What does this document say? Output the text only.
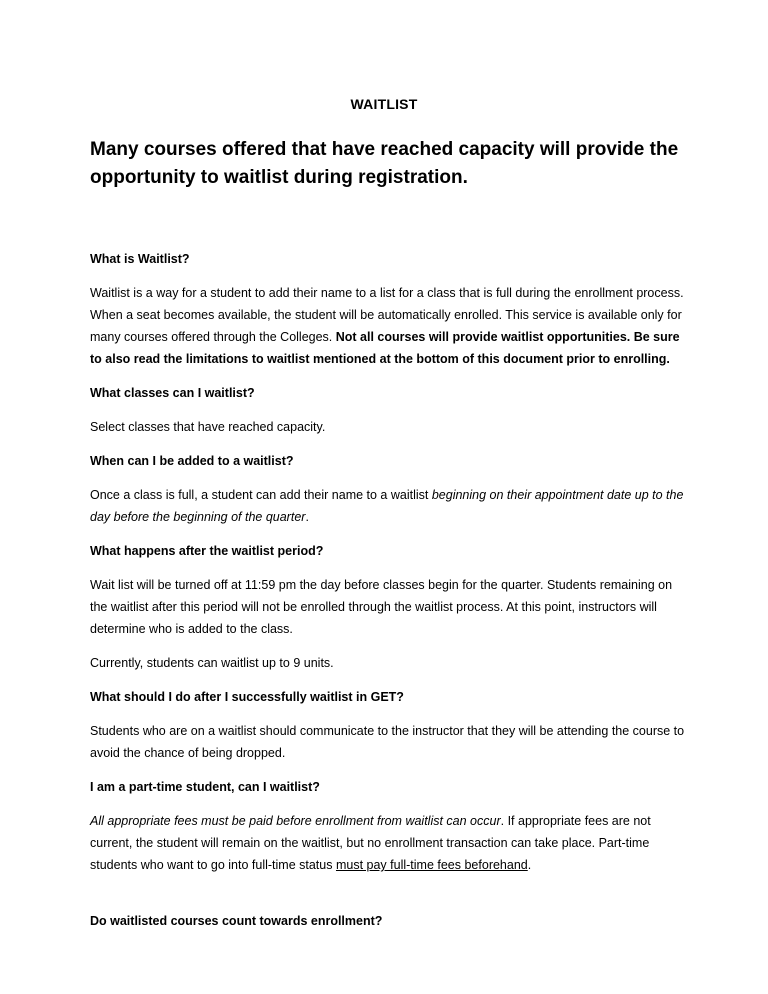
WAITLIST
Many courses offered that have reached capacity will provide the opportunity to waitlist during registration.

What is Waitlist?

Waitlist is a way for a student to add their name to a list for a class that is full during the enrollment process. When a seat becomes available, the student will be automatically enrolled. This service is available only for many courses offered through the Colleges. Not all courses will provide waitlist opportunities. Be sure to also read the limitations to waitlist mentioned at the bottom of this document prior to enrolling.

What classes can I waitlist?

Select classes that have reached capacity.

When can I be added to a waitlist?

Once a class is full, a student can add their name to a waitlist beginning on their appointment date up to the day before the beginning of the quarter.

What happens after the waitlist period?

Wait list will be turned off at 11:59 pm the day before classes begin for the quarter. Students remaining on the waitlist after this period will not be enrolled through the waitlist process. At this point, instructors will determine who is added to the class.

Currently, students can waitlist up to 9 units.

What should I do after I successfully waitlist in GET?

Students who are on a waitlist should communicate to the instructor that they will be attending the course to avoid the chance of being dropped.

I am a part-time student, can I waitlist?

All appropriate fees must be paid before enrollment from waitlist can occur. If appropriate fees are not current, the student will remain on the waitlist, but no enrollment transaction can take place. Part-time students who want to go into full-time status must pay full-time fees beforehand.

Do waitlisted courses count towards enrollment?
